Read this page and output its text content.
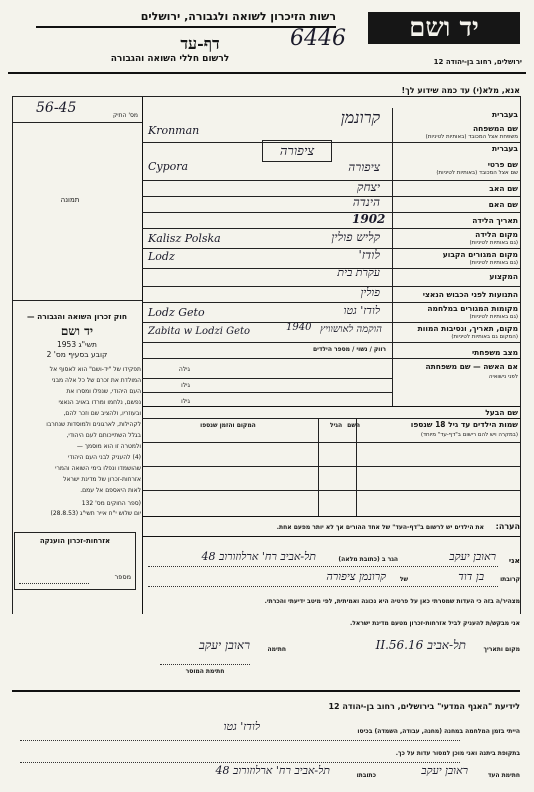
רשות הזיכרון לשואה ולגבורה, ירושלים	יד ושם
6446
דף-עד
לרשום חללי השואה והגבורה	ירושלים, רחוב בן-יהודה 12
אנא, מלא(י) עד כמה שידוע לך!
מס' התיק
56-45
תמונה
חוק זכרון השואה והגבורה —
יד ושם
תשי"ג 1953
קובע בסעיף מס' 2
תפקידו של "יד-ושם" הוא לאסוף אל
המולדת את זכרם של כל אלה מבני
העם היהודי, שנפלו ומסרו את
נפשם, נלחמו ומרדו באויב הנאצי
ובעוזריו, ולהציב שם וזכר להם,
לקהילות, לארגונים ולמוסדות שנחרבו
בגלל השתייכותם לעם היהודי,
ולמטרה זו הוא מוסמך —
(4) להעניק לבני העם היהודי
שהושמדו ונפלו בימי השואה והמרי
אזרחות-זכרון של מדינת ישראל
לאות היאספם אל עמם.
(ספר החוקים מס' 132
יום שלוש י"ח אייר תשי"ג (28.8.53)
אזרחות-זכרון הוענקה
מספר
בעברית
שם המשפחה
משפחת אצל המכובד (באותיות לטיניות)
קרונמן
Kronman
בעברית
שם פרטי
שם אצל המכובד (באותיות לטיניות)
ציפורה
ציפורה
Cypora
שם האב
יצחק
שם האם
הינדה
תאריך הלידה
1902
מקום הלידה
(גם באותיות לטיניות)
קליש פולין
Kalisz Polska
מקום המגורים הקבוע
(גם באותיות לטיניות)
לודז'
Lodz
המקצוע
עקרת בית
התנועות לפני הכבוש הנאצי
פולין
מקומות המגורים במלחמה
(גם באותיות לטיניות)
לודז' גטו
Lodz Geto
מקום, תאריך, ונסיבות המוות
(המקום גם באותיות לטיניות)
1940 הוקמה לאושוויץ
Zabita w Lodzi Geto
מצב משפחתי
רווק / נשוי / מספר הילדים
אם האשה — שם משפחתה
לפני נישואיה
גילה
גילו
גילו
שם הבעל
שמות הילדים עד גיל 18 שנספו
(במקרה ויש להם רישום ב"דף-עד" מיוחד)
השם
הגיל
המקום והזמן שנספו
הערה:
את הילדים יש לרשום ב"דף-העד" של אחד ההורים אך לא יותר מפעם אחת.
אני
ראובן יעקב
הגר ב (כתובת מלאה)
תל-אביב רח' ארלוזורוב 48
קרובתו
בן דוד
של
קרונמן ציפורה
מצהיר/ה בזה כי העדות שמסרתי כאן על פרטיה היא נכונה ואמיתית, לפי מיטב ידיעתי והכרתי.
אני מבקש/ת להעניק לביל אזרחות-זכרון מטעם מדינת ישראל.
מקום ותאריך
תל-אביב 16.II.56
חתימה
ראובן יעקב
חתימת המוסר
לידיעת "האגף המדעי" בירושלים, רחוב בן-יהודה 12
הייתי בזמן המלחמה במחנה (מחנה, עבודה, השמדה) בכיסו
לודז' גטו
בתקופת ביתנה ואני מוכן למסור עדות על כך.
חתימת העד
ראובן יעקב
כתובתו
תל-אביב רח' ארלוזורוב 48
